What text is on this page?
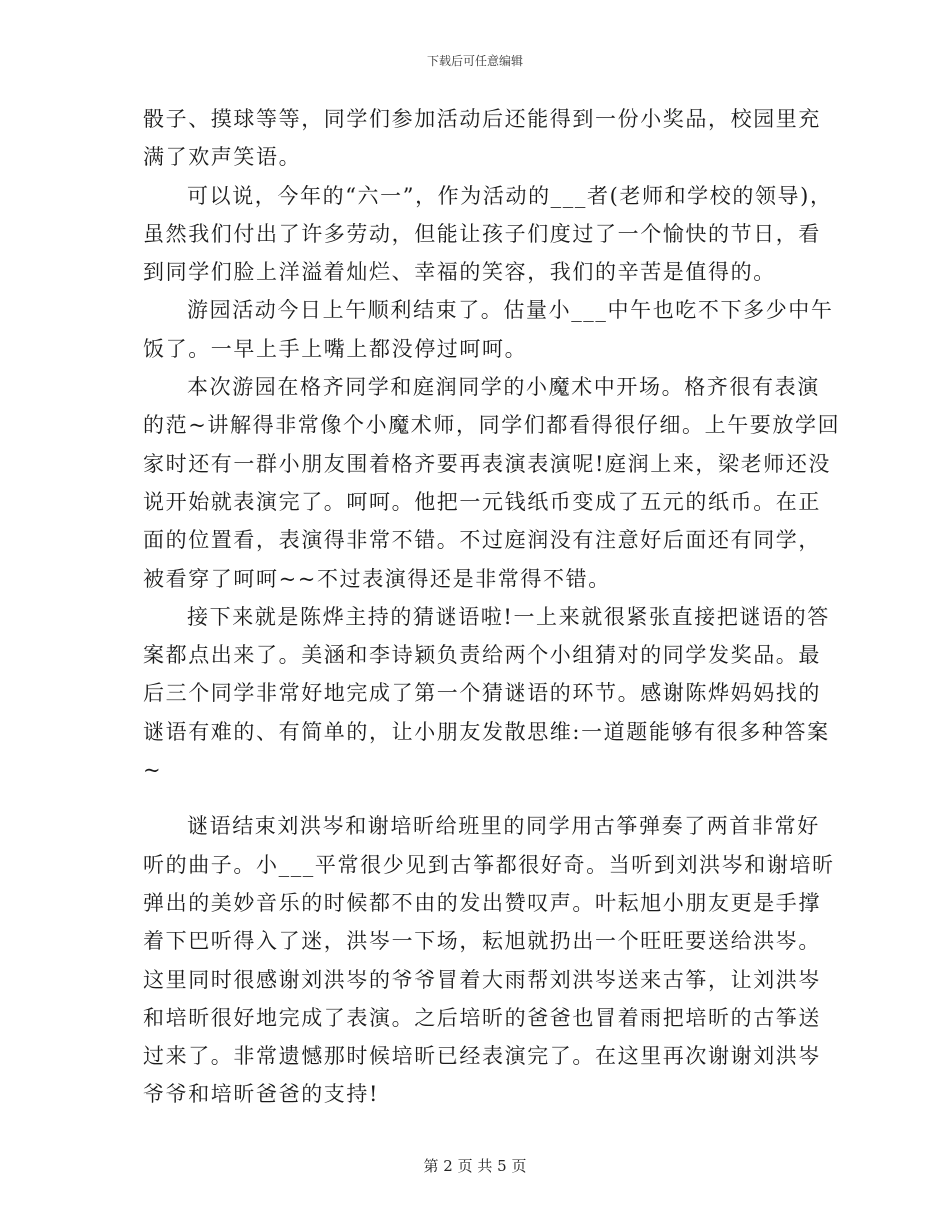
下载后可任意编辑
骰子、摸球等等，同学们参加活动后还能得到一份小奖品，校园里充
满了欢声笑语。
可以说，今年的“六一”，作为活动的___者(老师和学校的领导)，
虽然我们付出了许多劳动，但能让孩子们度过了一个愉快的节日，看
到同学们脸上洋溢着灿烂、幸福的笑容，我们的辛苦是值得的。
游园活动今日上午顺利结束了。估量小___中午也吃不下多少中午
饭了。一早上手上嘴上都没停过呵呵。
本次游园在格齐同学和庭润同学的小魔术中开场。格齐很有表演
的范~讲解得非常像个小魔术师，同学们都看得很仔细。上午要放学回
家时还有一群小朋友围着格齐要再表演表演呢!庭润上来，梁老师还没
说开始就表演完了。呵呵。他把一元钱纸币变成了五元的纸币。在正
面的位置看，表演得非常不错。不过庭润没有注意好后面还有同学，
被看穿了呵呵~~不过表演得还是非常得不错。
接下来就是陈烨主持的猜谜语啦!一上来就很紧张直接把谜语的答
案都点出来了。美涵和李诗颖负责给两个小组猜对的同学发奖品。最
后三个同学非常好地完成了第一个猜谜语的环节。感谢陈烨妈妈找的
谜语有难的、有简单的，让小朋友发散思维:一道题能够有很多种答案
~
谜语结束刘洪岑和谢培昕给班里的同学用古筝弹奏了两首非常好
听的曲子。小___平常很少见到古筝都很好奇。当听到刘洪岑和谢培昕
弹出的美妙音乐的时候都不由的发出赞叹声。叶耘旭小朋友更是手撑
着下巴听得入了迷，洪岑一下场，耘旭就扔出一个旺旺要送给洪岑。
这里同时很感谢刘洪岑的爷爷冒着大雨帮刘洪岑送来古筝，让刘洪岑
和培昕很好地完成了表演。之后培昕的爸爸也冒着雨把培昕的古筝送
过来了。非常遗憾那时候培昕已经表演完了。在这里再次谢谢刘洪岑
爷爷和培昕爸爸的支持!
第 2 页 共 5 页
